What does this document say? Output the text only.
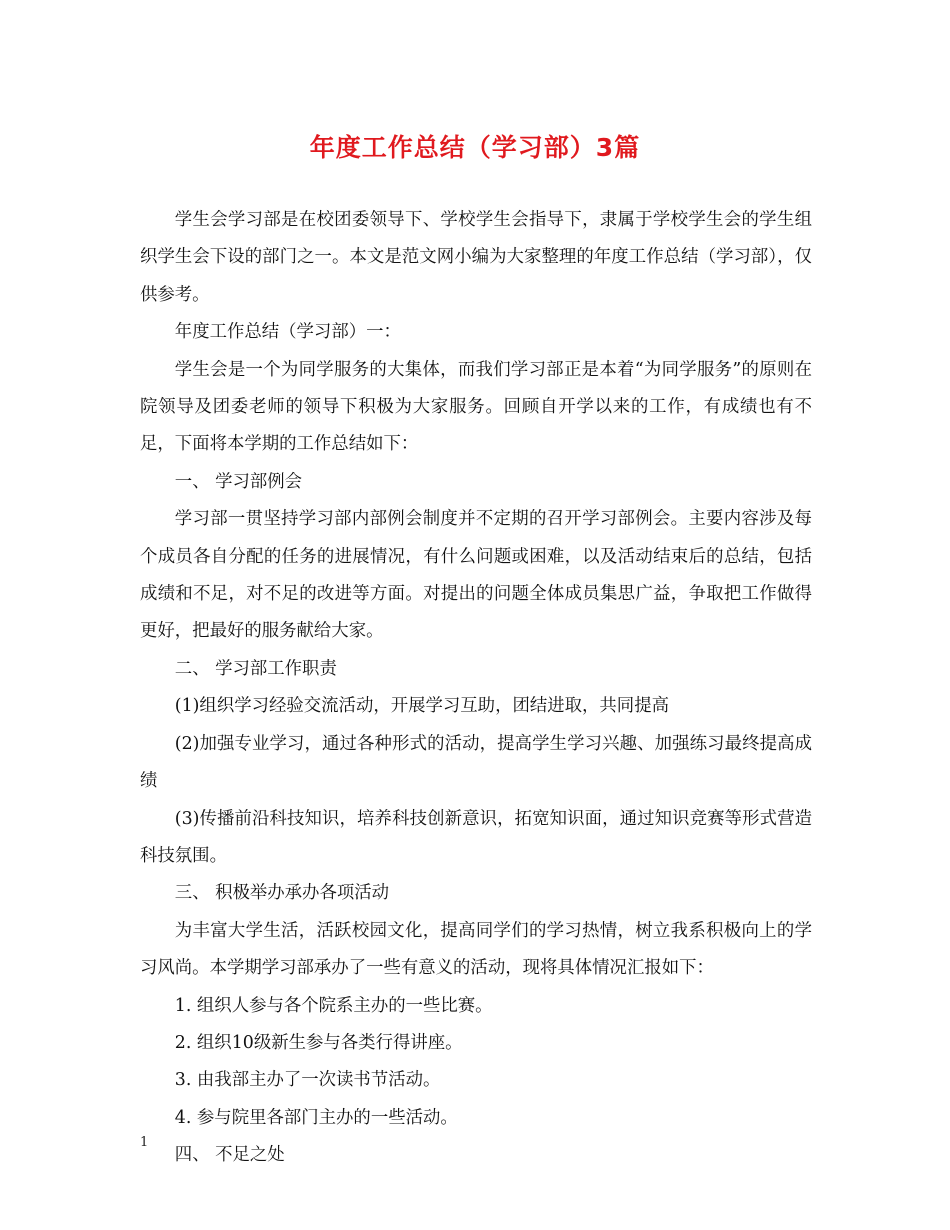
年度工作总结（学习部）3篇

学生会学习部是在校团委领导下、学校学生会指导下，隶属于学校学生会的学生组织学生会下设的部门之一。本文是范文网小编为大家整理的年度工作总结（学习部），仅供参考。

年度工作总结（学习部）一：

学生会是一个为同学服务的大集体，而我们学习部正是本着“为同学服务”的原则在院领导及团委老师的领导下积极为大家服务。回顾自开学以来的工作，有成绩也有不足，下面将本学期的工作总结如下：

一、 学习部例会

学习部一贯坚持学习部内部例会制度并不定期的召开学习部例会。主要内容涉及每个成员各自分配的任务的进展情况，有什么问题或困难，以及活动结束后的总结，包括成绩和不足，对不足的改进等方面。对提出的问题全体成员集思广益，争取把工作做得更好，把最好的服务献给大家。

二、 学习部工作职责

(1)组织学习经验交流活动，开展学习互助，团结进取，共同提高

(2)加强专业学习，通过各种形式的活动，提高学生学习兴趣、加强练习最终提高成绩

(3)传播前沿科技知识，培养科技创新意识，拓宽知识面，通过知识竞赛等形式营造科技氛围。

三、 积极举办承办各项活动

为丰富大学生活，活跃校园文化，提高同学们的学习热情，树立我系积极向上的学习风尚。本学期学习部承办了一些有意义的活动，现将具体情况汇报如下：

1. 组织人参与各个院系主办的一些比赛。

2. 组织10级新生参与各类行得讲座。

3. 由我部主办了一次读书节活动。

4. 参与院里各部门主办的一些活动。

四、 不足之处

1
